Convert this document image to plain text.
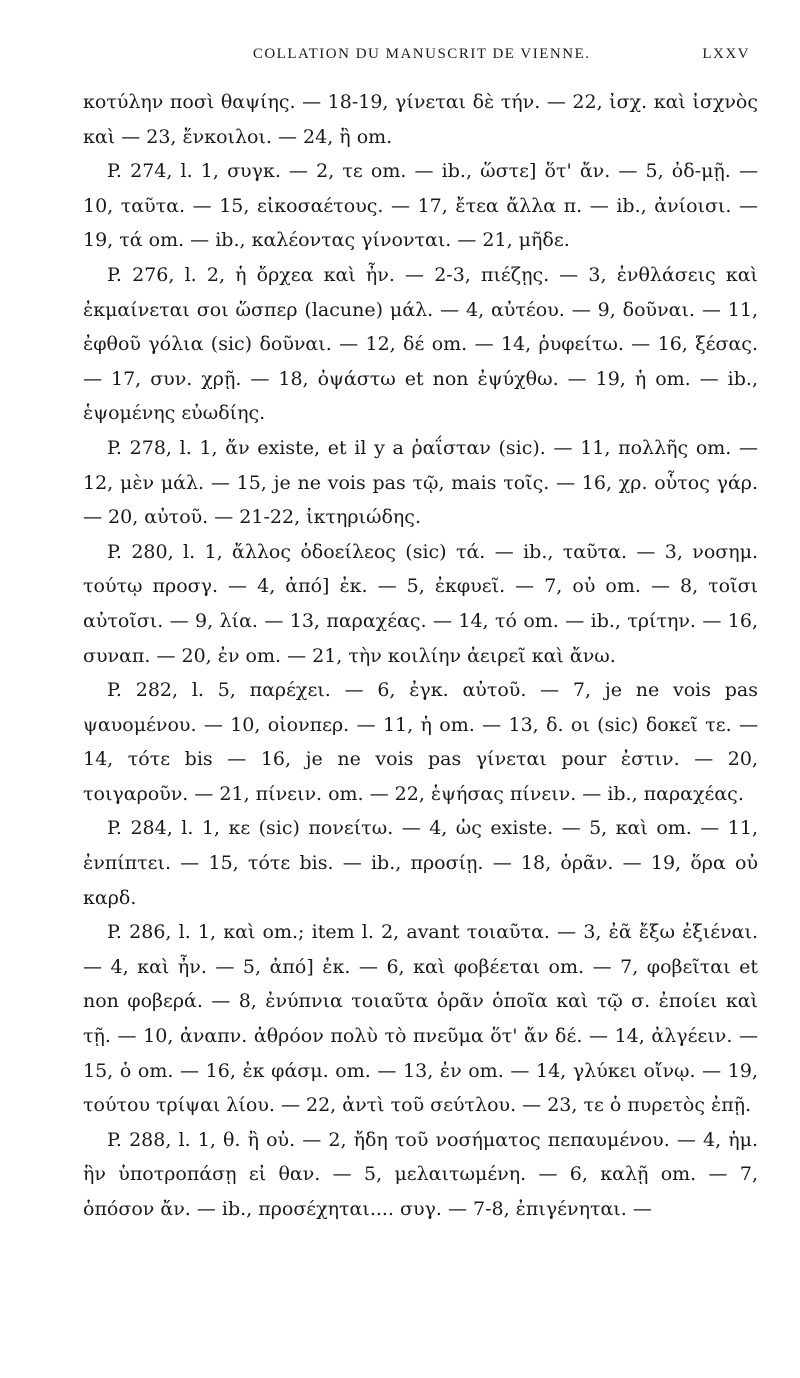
COLLATION DU MANUSCRIT DE VIENNE.	LXXV

κοτύλην ποσὶ θαψίης. — 18-19, γίνεται δὲ τήν. — 22, ἰσχ. καὶ ἰσχνὸς καὶ — 23, ἔνκοιλοι. — 24, ἢ om.

P. 274, l. 1, συγκ. — 2, τε om. — ib., ὥστε] ὅτ' ἄν. — 5, ὀδ-μῇ. — 10, ταῦτα. — 15, εἰκοσαέτους. — 17, ἔτεα ἄλλα π. — ib., ἀνίοισι. — 19, τά om. — ib., καλέοντας γίνονται. — 21, μῆδε.

P. 276, l. 2, ἡ ὄρχεα καὶ ἦν. — 2-3, πιέζῃς. — 3, ἐνθλάσεις καὶ ἐκμαίνεται σοι ὥσπερ (lacune) μάλ. — 4, αὐτέου. — 9, δοῦναι. — 11, ἐφθοῦ γόλια (sic) δοῦναι. — 12, δέ om. — 14, ῥυφείτω. — 16, ξέσας. — 17, συν. χρῇ. — 18, ὀψάστω et non ἐψύχθω. — 19, ἡ om. — ib., ἑψομένης εὐωδίης.

P. 278, l. 1, ἄν existe, et il y a ῥαΐσταν (sic). — 11, πολλῆς om. — 12, μὲν μάλ. — 15, je ne vois pas τῷ, mais τοῖς. — 16, χρ. οὗτος γάρ. — 20, αὐτοῦ. — 21-22, ἰκτηριώδης.

P. 280, l. 1, ἄλλος ὁδοείλεος (sic) τά. — ib., ταῦτα. — 3, νοσημ. τούτῳ προσγ. — 4, ἀπό] ἐκ. — 5, ἐκφυεῖ. — 7, οὐ om. — 8, τοῖσι αὐτοῖσι. — 9, λία. — 13, παραχέας. — 14, τό om. — ib., τρίτην. — 16, συναπ. — 20, ἐν om. — 21, τὴν κοιλίην ἀειρεῖ καὶ ἄνω.

P. 282, l. 5, παρέχει. — 6, ἐγκ. αὐτοῦ. — 7, je ne vois pas ψαυομένου. — 10, οἱονπερ. — 11, ἡ om. — 13, δ. οι (sic) δοκεῖ τε. — 14, τότε bis — 16, je ne vois pas γίνεται pour ἐστιν. — 20, τοιγαροῦν. — 21, πίνειν. om. — 22, ἑψήσας πίνειν. — ib., παραχέας.

P. 284, l. 1, κε (sic) πονείτω. — 4, ὡς existe. — 5, καὶ om. — 11, ἐνπίπτει. — 15, τότε bis. — ib., προσίῃ. — 18, ὁρᾶν. — 19, ὅρα οὐ καρδ.

P. 286, l. 1, καὶ om.; item l. 2, avant τοιαῦτα. — 3, ἐᾶ ἔξω ἐξιέναι. — 4, καὶ ἦν. — 5, ἀπό] ἐκ. — 6, καὶ φοβέεται om. — 7, φοβεῖται et non φοβερά. — 8, ἐνύπνια τοιαῦτα ὁρᾶν ὁποῖα καὶ τῷ σ. ἐποίει καὶ τῇ. — 10, ἀναπν. ἀθρόον πολὺ τὸ πνεῦμα ὅτ' ἄν δέ. — 14, ἀλγέειν. — 15, ὁ om. — 16, ἐκ φάσμ. om. — 13, ἐν om. — 14, γλύκει οἴνῳ. — 19, τούτου τρίψαι λίου. — 22, ἀντὶ τοῦ σεύτλου. — 23, τε ὁ πυρετὸς ἐπῇ.

P. 288, l. 1, θ. ἢ οὐ. — 2, ἤδη τοῦ νοσήματος πεπαυμένου. — 4, ἡμ. ἣν ὑποτροπάσῃ εἰ θαν. — 5, μελαιτωμένη. — 6, καλῇ om. — 7, ὁπόσον ἄν. — ib., προσέχηται.... συγ. — 7-8, ἐπιγένηται. —
